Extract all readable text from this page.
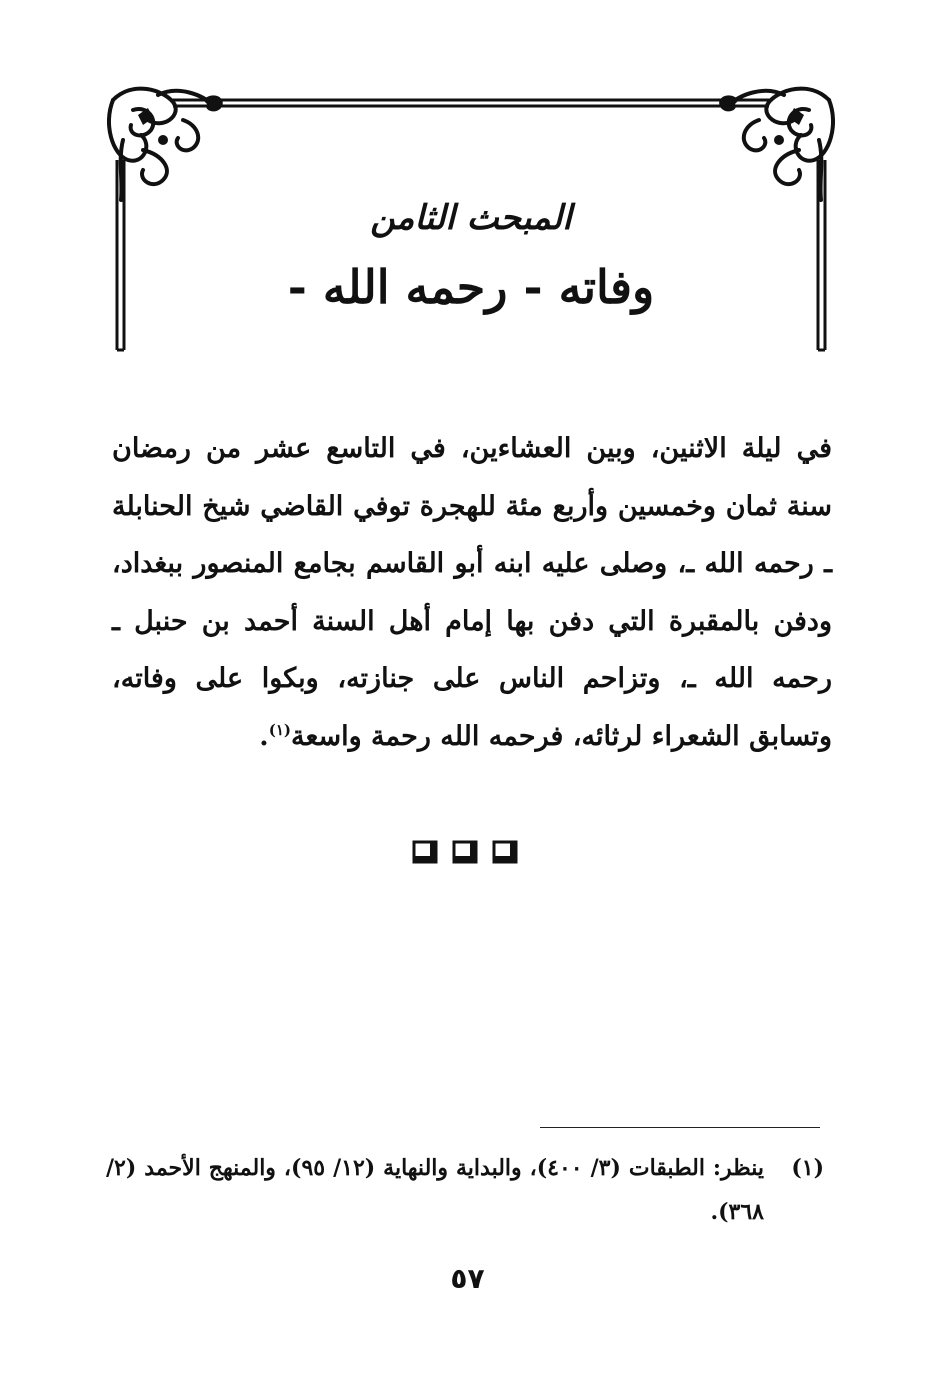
المبحث الثامن
وفاته - رحمه الله -
في ليلة الاثنين، وبين العشاءين، في التاسع عشر من رمضان سنة ثمان وخمسين وأربع مئة للهجرة توفي القاضي شيخ الحنابلة ـ رحمه الله ـ، وصلى عليه ابنه أبو القاسم بجامع المنصور ببغداد، ودفن بالمقبرة التي دفن بها إمام أهل السنة أحمد بن حنبل ـ رحمه الله ـ، وتزاحم الناس على جنازته، وبكوا على وفاته، وتسابق الشعراء لرثائه، فرحمه الله رحمة واسعة$^{(١)}$.
(١)
ينظر: الطبقات (٣/ ٤٠٠)، والبداية والنهاية (١٢/ ٩٥)، والمنهج الأحمد (٢/ ٣٦٨).
٥٧
